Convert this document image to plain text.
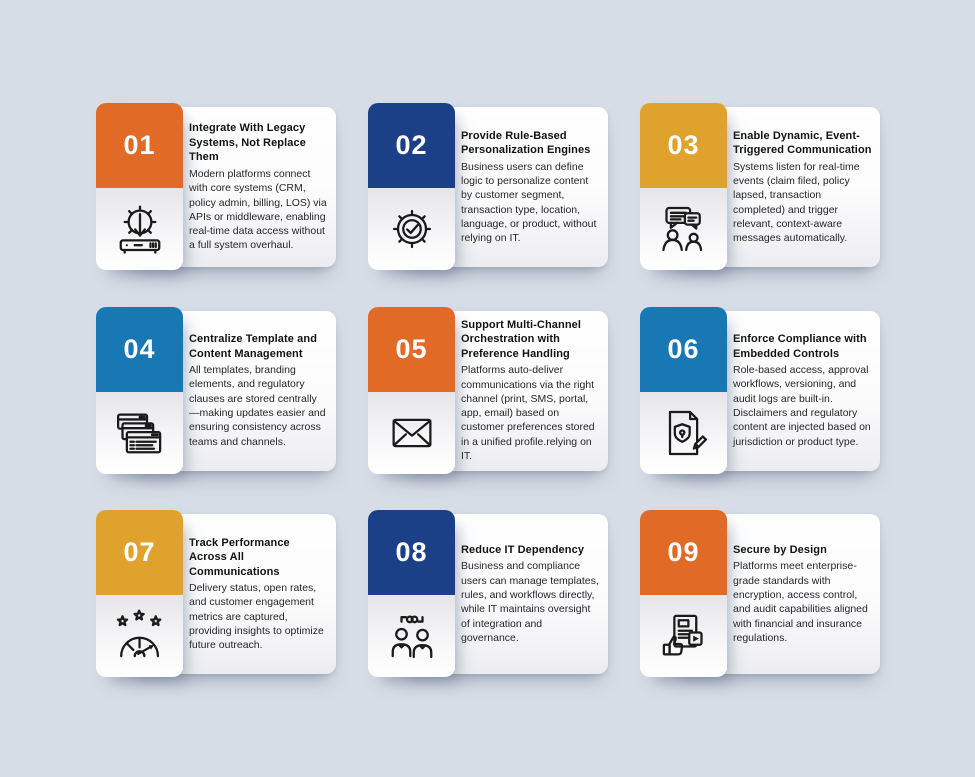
Integrate With Legacy Systems, Not Replace Them
Modern platforms connect with core systems (CRM, policy admin, billing, LOS) via APIs or middleware, enabling real-time data access without a full system overhaul.
01	Provide Rule-Based Personalization Engines
Business users can define logic to personalize content by customer segment, transaction type, location, language, or product, without relying on IT.
02	Enable Dynamic, Event-Triggered Communication
Systems listen for real-time events (claim filed, policy lapsed, transaction completed) and trigger relevant, context-aware messages automatically.
03
Centralize Template and Content Management
All templates, branding elements, and regulatory clauses are stored centrally —making updates easier and ensuring consistency across teams and channels.
04
Support Multi-Channel Orchestration with Preference Handling
Platforms auto-deliver communications via the right channel (print, SMS, portal, app, email) based on customer preferences stored in a unified profile.relying on IT.
05	Enforce Compliance with Embedded Controls
Role-based access, approval workflows, versioning, and audit logs are built-in. Disclaimers and regulatory content are injected based on jurisdiction or product type.
06
Track Performance Across All Communications
Delivery status, open rates, and customer engagement metrics are captured, providing insights to optimize future outreach.
07	Reduce IT Dependency
Business and compliance users can manage templates, rules, and workflows directly, while IT maintains oversight of integration and governance.
08	Secure by Design
Platforms meet enterprise-grade standards with encryption, access control, and audit capabilities aligned with financial and insurance regulations.
09
